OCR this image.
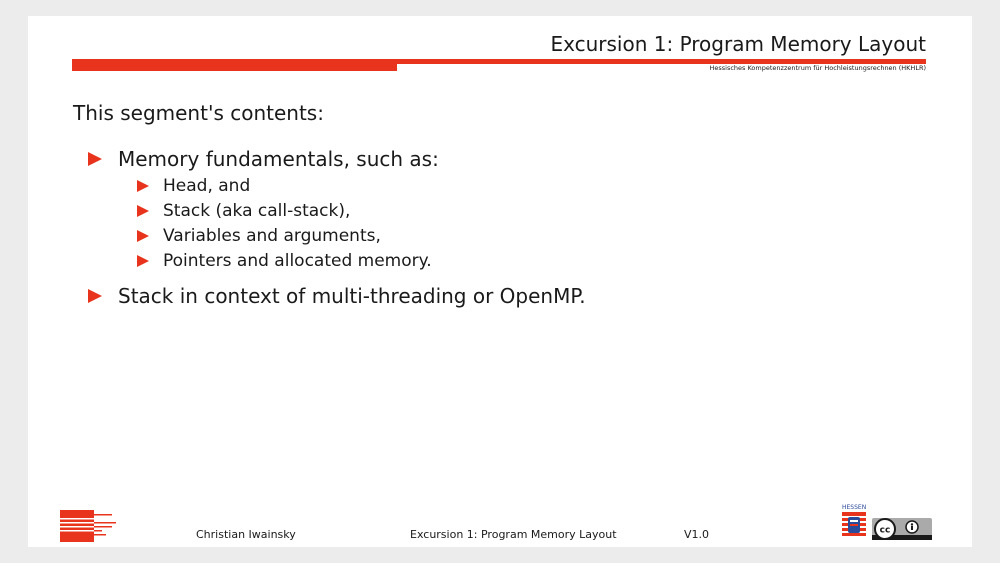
Excursion 1: Program Memory Layout
Hessisches Kompetenzzentrum für Hochleistungsrechnen (HKHLR)
This segment's contents:
Memory fundamentals, such as:
Head, and
Stack (aka call-stack),
Variables and arguments,
Pointers and allocated memory.
Stack in context of multi-threading or OpenMP.
Christian Iwainsky	Excursion 1: Program Memory Layout	V1.0
HESSEN
cc
